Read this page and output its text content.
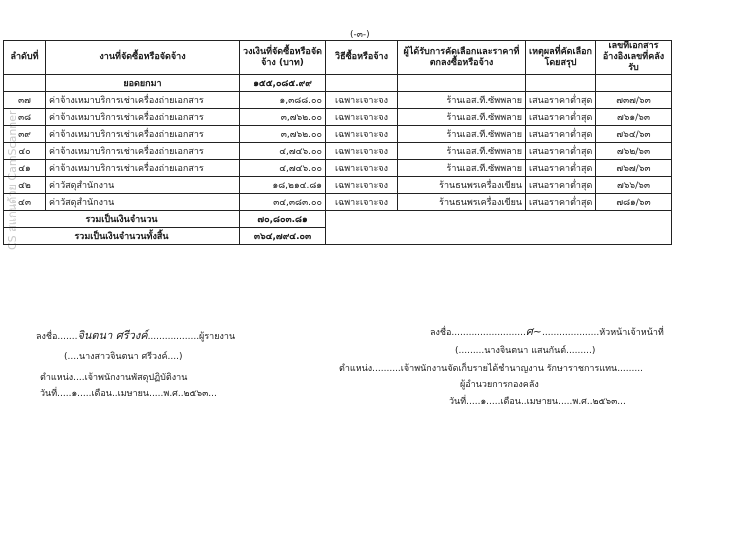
(-๓-)
CS สแกนด้วย CamScanner
ลำดับที่	งานที่จัดซื้อหรือจัดจ้าง	วงเงินที่จัดซื้อหรือจัดจ้าง (บาท)	วิธีซื้อหรือจ้าง	ผู้ได้รับการคัดเลือกและราคาที่ตกลงซื้อหรือจ้าง	เหตุผลที่คัดเลือกโดยสรุป	เลขที่เอกสารอ้างอิงเลขที่คลังรับ
	ยอดยกมา	๑๕๕,๐๘๕.๙๙				
๓๗	ค่าจ้างเหมาบริการเช่าเครื่องถ่ายเอกสาร	๑,๓๘๘.๐๐	เฉพาะเจาะจง	ร้านเอส.ที.ซัพพลาย	เสนอราคาต่ำสุด	๗๓๗/๖๓
๓๘	ค่าจ้างเหมาบริการเช่าเครื่องถ่ายเอกสาร	๓,๗๖๒.๐๐	เฉพาะเจาะจง	ร้านเอส.ที.ซัพพลาย	เสนอราคาต่ำสุด	๗๖๑/๖๓
๓๙	ค่าจ้างเหมาบริการเช่าเครื่องถ่ายเอกสาร	๓,๗๖๒.๐๐	เฉพาะเจาะจง	ร้านเอส.ที.ซัพพลาย	เสนอราคาต่ำสุด	๗๖๔/๖๓
๔๐	ค่าจ้างเหมาบริการเช่าเครื่องถ่ายเอกสาร	๔,๗๔๖.๐๐	เฉพาะเจาะจง	ร้านเอส.ที.ซัพพลาย	เสนอราคาต่ำสุด	๗๖๒/๖๓
๔๑	ค่าจ้างเหมาบริการเช่าเครื่องถ่ายเอกสาร	๔,๗๔๖.๐๐	เฉพาะเจาะจง	ร้านเอส.ที.ซัพพลาย	เสนอราคาต่ำสุด	๗๖๗/๖๓
๔๒	ค่าวัสดุสำนักงาน	๑๘,๒๑๔.๘๑	เฉพาะเจาะจง	ร้านธนพรเครื่องเขียน	เสนอราคาต่ำสุด	๗๖๖/๖๓
๔๓	ค่าวัสดุสำนักงาน	๓๔,๓๘๓.๐๐	เฉพาะเจาะจง	ร้านธนพรเครื่องเขียน	เสนอราคาต่ำสุด	๗๘๑/๖๓
รวมเป็นเงินจำนวน		๗๐,๘๐๓.๘๑				
รวมเป็นเงินจำนวนทั้งสิ้น		๓๖๔,๗๙๔.๐๓				
ลงชื่อ.......จินตนา ศรีวงค์..................ผู้รายงาน
(....นางสาวจินตนา ศรีวงค์....)
ตำแหน่ง....เจ้าพนักงานพัสดุปฏิบัติงาน
วันที่.....๑.....เดือน..เมษายน.....พ.ศ..๒๕๖๓...
ลงชื่อ..........................ศ~....................หัวหน้าเจ้าหน้าที่
(.........นางจินตนา แสนกันต์.........)
ตำแหน่ง..........เจ้าพนักงานจัดเก็บรายได้ชำนาญงาน รักษาราชการแทน.........
ผู้อำนวยการกองคลัง
วันที่.....๑.....เดือน..เมษายน.....พ.ศ..๒๕๖๓...
